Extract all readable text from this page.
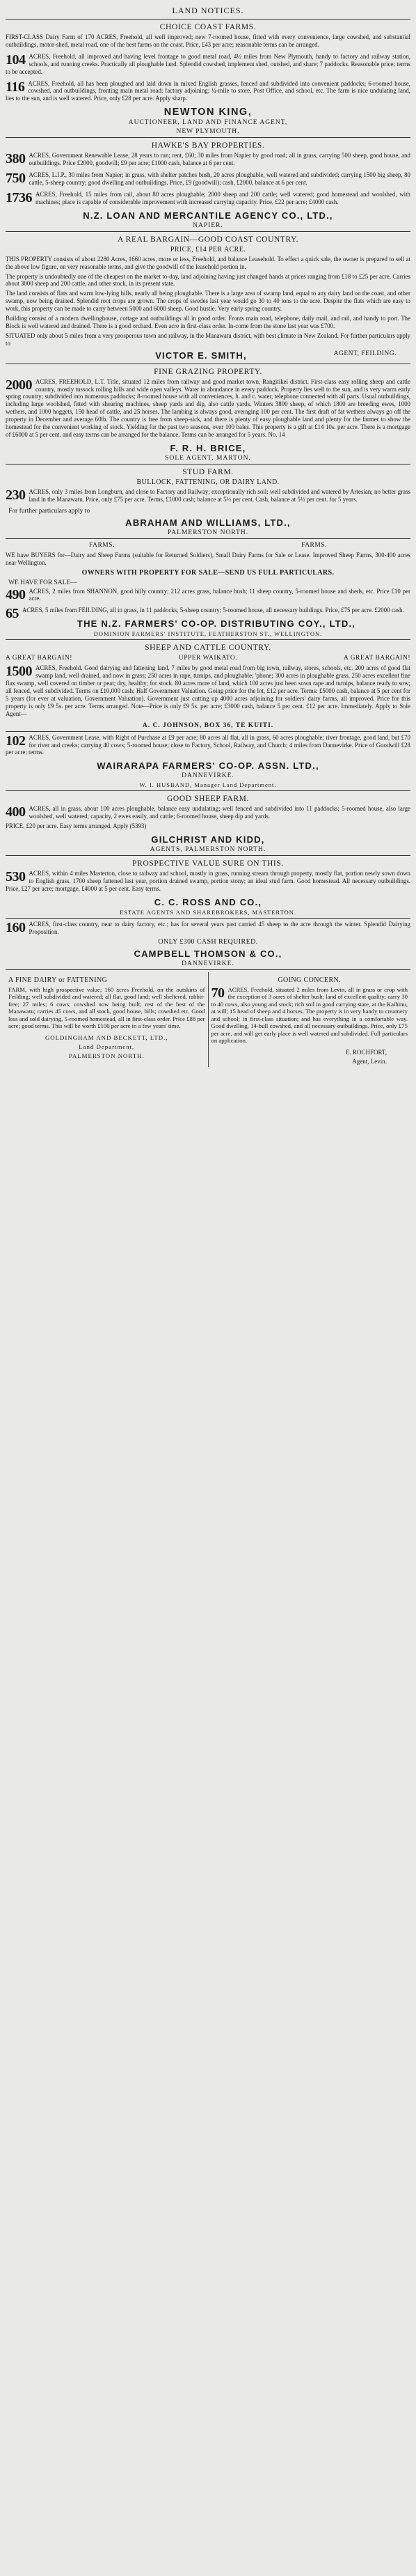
LAND NOTICES.
CHOICE COAST FARMS.

FIRST-CLASS Dairy Farm of 170 ACRES, Freehold, all well improved; new 7-roomed house, fitted with every convenience, large cowshed, and substantial outbuildings, motor-shed, metal road, one of the best farms on the coast. Price, £43 per acre; reasonable terms can be arranged.

104 ACRES, Freehold, all improved and having level frontage to good metal road, 4½ miles from New Plymouth, handy to factory and railway station, schools, and running creeks. Practically all ploughable land. Splendid cowshed, implement shed, outshed, and share; 7 paddocks. Reasonable price; terms to be accepted.

116 ACRES, Freehold, all has been ploughed and laid down in mixed English grasses, fenced and subdivided into convenient paddocks; 6-roomed house, cowshed, and outbuildings, fronting main metal road; factory adjoining; ¼-mile to store, Post Office, and school, etc. The farm is nice undulating land, lies to the sun, and is well watered. Price, only £28 per acre. Apply sharp.

NEWTON KING,
AUCTIONEER, LAND AND FINANCE AGENT,
NEW PLYMOUTH.
HAWKE'S BAY PROPERTIES.

380 ACRES, Government Renewable Lease, 28 years to run; rent, £60; 30 miles from Napier by good road; all in grass, carrying 500 sheep, good house, and outbuildings. Price £2000, goodwill; £9 per acre; £1000 cash, balance at 6 per cent.

750 ACRES, L.I.P., 30 miles from Napier; in grass, with shelter patches bush, 20 acres ploughable, well watered and subdivided; carrying 1500 big sheep, 80 cattle, 5-sheep country; good dwelling and outbuildings. Price, £9 (goodwill); cash, £2000, balance at 6 per cent.

1736 ACRES, Freehold, 15 miles from rail, about 80 acres ploughable; 2000 sheep and 200 cattle; well watered; good homestead and woolshed, with machines; place is capable of considerable improvement with increased carrying capacity. Price, £22 per acre; £4000 cash.

N.Z. LOAN AND MERCANTILE AGENCY CO., LTD.,
NAPIER.
A REAL BARGAIN—GOOD COAST COUNTRY.
PRICE, £14 PER ACRE.

THIS PROPERTY consists of about 2280 Acres, 1660 acres, more or less, Freehold, and balance Leasehold. To effect a quick sale, the owner is prepared to sell at the above low figure, on very reasonable terms, and give the goodwill of the leasehold portion in.

The property is undoubtedly one of the cheapest on the market to-day, land adjoining having just changed hands at prices ranging from £18 to £25 per acre. Carries about 3000 sheep and 200 cattle, and other stock, in its present state.

The land consists of flats and warm low-lying hills, nearly all being ploughable. There is a large area of swamp land, equal to any dairy land on the coast, and other swamp, now being drained. Splendid root crops are grown. The crops of swedes last year would go 30 to 40 tons to the acre. Despite the flats which are easy to work, this property can be made to carry between 5000 and 6000 sheep. Good hustle. Very early spring country.

Building consist of a modern dwellinghouse, cottage and outbuildings all in good order. Fronts main road, telephone, daily mail, and rail, and handy to port. The Block is well watered and drained. There is a good orchard. Even acre in first-class order. In-come from the stone last year was £700.

SITUATED only about 5 miles from a very prosperous town and railway, in the Manawatu district, with best climate in New Zealand. For further particulars apply to

VICTOR E. SMITH,	AGENT, FEILDING.
FINE GRAZING PROPERTY.

2000 ACRES, FREEHOLD, L.T. Title, situated 12 miles from railway and good market town, Rangitikei district. First-class easy rolling sheep and cattle country, mostly tussock rolling hills and wide open valleys. Water in abundance in every paddock. Property lies well to the sun, and is very warm early spring country; subdivided into numerous paddocks; 8-roomed house with all conveniences, h. and c. water, telephone connected with all parts. Usual outbuildings, including large woolshed, fitted with shearing machines, sheep yards and dip, also cattle yards. Winters 3800 sheep, of which 1800 are breeding ewes, 1000 wethers, and 1000 hoggets, 150 head of cattle, and 25 horses. The lambing is always good, averaging 100 per cent. The first draft of fat wethers always go off the property in December and average 60lb. The country is free from sheep-sick, and there is plenty of easy ploughable land and plenty for the farmer to show the homestead for the convenient working of stock. Yielding for the past two seasons, over 100 bales. This property is a gift at £14 10s. per acre. There is a mortgage of £6000 at 5 per cent. and easy terms can be arranged for the balance. Terms can be arranged for 5 years. No. 14

F. R. H. BRICE,
SOLE AGENT, MARTON.
STUD FARM.
BULLOCK, FATTENING, OR DAIRY LAND.

230 ACRES, only 3 miles from Longburn, and close to Factory and Railway; exceptionally rich soil; well subdivided and watered by Artesian; no better grass land in the Manawatu. Price, only £75 per acre. Terms, £1000 cash; balance at 5½ per cent. Cash, balance at 5½ per cent. for 5 years.

For further particulars apply to
ABRAHAM AND WILLIAMS, LTD.,
PALMERSTON NORTH.
FARMS.	FARMS.

WE have BUYERS for—Dairy and Sheep Farms (suitable for Returned Soldiers), Small Dairy Farms for Sale or Lease. Improved Sheep Farms, 300-400 acres near Wellington.

OWNERS WITH PROPERTY FOR SALE—SEND US FULL PARTICULARS.
WE HAVE FOR SALE—

490 ACRES, 2 miles from SHANNON, good hilly country; 212 acres grass, balance bush; 11 sheep country, 5-roomed house and sheds, etc. Price £10 per acre.

65 ACRES, 5 miles from FEILDING, all in grass, in 11 paddocks, 5-sheep country; 5-roomed house, all necessary buildings. Price, £75 per acre. £2000 cash.

THE N.Z. FARMERS' CO-OP. DISTRIBUTING COY., LTD.,
DOMINION FARMERS' INSTITUTE, FEATHERSTON ST., WELLINGTON.
SHEEP AND CATTLE COUNTRY.
A GREAT BARGAIN!	UPPER WAIKATO.	A GREAT BARGAIN!

1500 ACRES, Freehold. Good dairying and fattening land, 7 miles by good metal road from big town, railway, stores, schools, etc. 200 acres of good flat swamp land, well drained, and now in grass; 250 acres in rape, turnips, and ploughable; 'phone; 300 acres in ploughable grass. 250 acres excellent fine flax swamp, well covered on timber or peat; dry, healthy; for stock. 80 acres more of land, which 100 acres just been sown rape and turnips, balance ready to sow; all fenced, well subdivided. Terms on £10,000 cash; Half Government Valuation. Going price for the lot, £12 per acre. Terms: £5000 cash, balance at 5 per cent for 5 years (for ever at valuation, Government Valuation). Government just cutting up 4000 acres adjoining for soldiers' dairy farms, all improved. Price for this property is only £9 5s. per acre. Terms arranged. Note—Price is only £9 5s. per acre; £3000 cash, balance 5 per cent. £12 per acre. Immediately. Apply to Sole Agent—

A. C. JOHNSON, BOX 36, TE KUITI.

102 ACRES, Government Lease, with Right of Purchase at £9 per acre; 80 acres all flat, all in grass, 60 acres ploughable; river frontage, good land, but £70 for river and creeks; carrying 40 cows; 5-roomed house; close to Factory, School, Railway, and Church; 4 miles from Dannevirke. Price of Goodwill £28 per acre; terms.

WAIRARAPA FARMERS' CO-OP. ASSN. LTD.,
DANNEVIRKE.
W. I. HUSBAND, Manager Land Department.
GOOD SHEEP FARM.

400 ACRES, all in grass, about 100 acres ploughable, balance easy undulating; well fenced and subdivided into 11 paddocks; 5-roomed house, also large woolshed, well watered; capacity, 2 ewes easily, and cattle; 6-roomed house, sheep dip and yards.

PRICE, £20 per acre. Easy terms arranged. Apply (5393)

GILCHRIST AND KIDD,
AGENTS, PALMERSTON NORTH.
PROSPECTIVE VALUE SURE ON THIS.

530 ACRES, within 4 miles Masterton, close to railway and school, mostly in grass, running stream through property, mostly flat, portion newly sown down to English grass. 1700 sheep fattened last year, portion drained swamp, portion stony; an ideal stud farm. Good homestead. All necessary outbuildings. Price, £27 per acre; mortgage, £4000 at 5 per cent. Easy terms.

C. C. ROSS AND CO.,
ESTATE AGENTS AND SHAREBROKERS, MASTERTON.

160 ACRES, first-class country, near to dairy factory, etc.; has for several years past carried 45 sheep to the acre through the winter. Splendid Dairying Proposition.

ONLY £300 CASH REQUIRED.
CAMPBELL THOMSON & CO.,
DANNEVIRKE.
A FINE DAIRY or FATTENING

FARM, with high prospective value; 160 acres Freehold, on the outskirts of Feilding; well subdivided and watered; all flat, good land; well sheltered, rabbit-free; 27 miles; 6 cows; cowshed now being built; rest of the best of the Manawatu; carries 45 cows, and all stock, good house, bills; cowshed etc. Good loss and sold dairying, 5-roomed homestead, all in first-class order. Price £88 per acre; good terms. This will be worth £100 per acre in a few years' time.

GOLDINGHAM AND BECKETT, LTD.,
Land Department,
PALMERSTON NORTH.
GOING CONCERN.

70 ACRES, Freehold, situated 2 miles from Levin, all in grass or crop with the exception of 3 acres of shelter bush; land of excellent quality; carry 30 to 40 cows, also young and stock; rich soil in good carrying state, at the Kaihinu, at will; 15 head of sheep and 4 horses. The property is in very handy to creamery and school; in first-class situation; and has everything in a comfortable way. Good dwelling, 14-bull cowshed, and all necessary outbuildings. Price, only £75 per acre, and will get early place is well watered and subdivided. Full particulars on application.

E. ROCHFORT,
Agent, Levin.
